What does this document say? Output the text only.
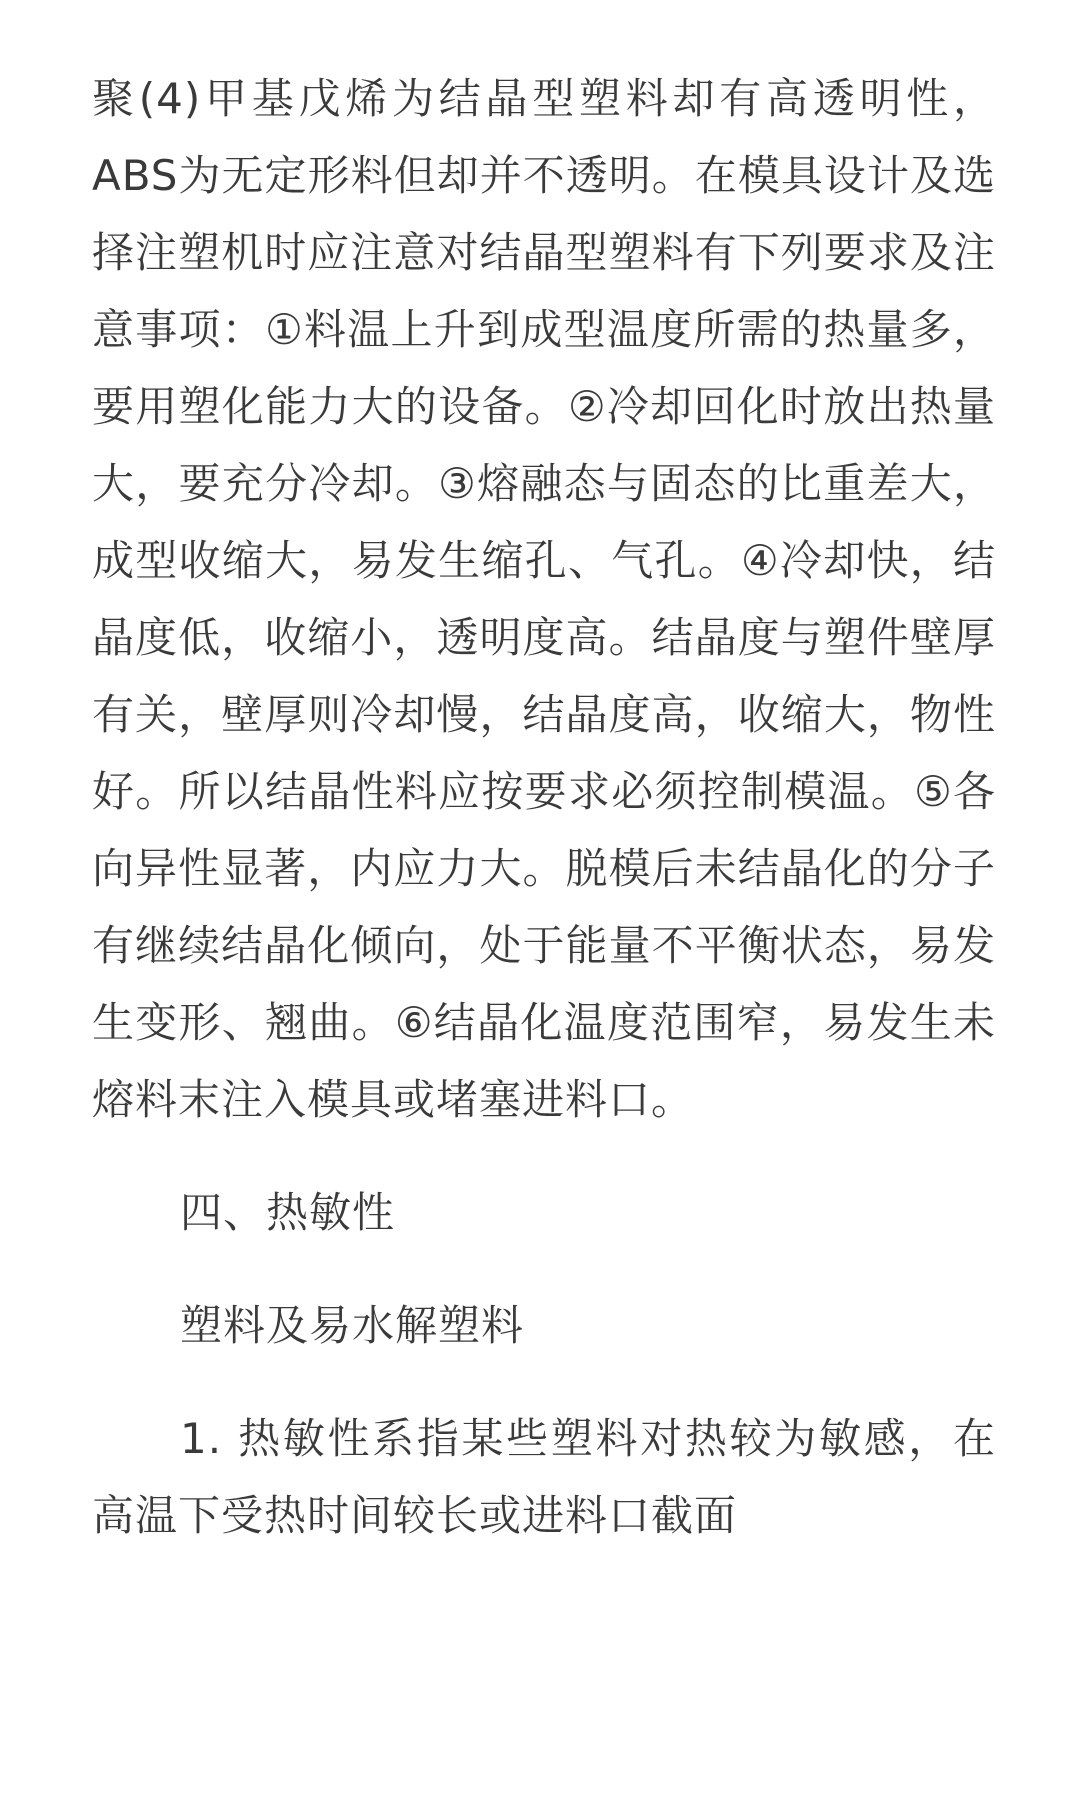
聚(4)甲基戊烯为结晶型塑料却有高透明性，ABS为无定形料但却并不透明。在模具设计及选择注塑机时应注意对结晶型塑料有下列要求及注意事项：①料温上升到成型温度所需的热量多，要用塑化能力大的设备。②冷却回化时放出热量大，要充分冷却。③熔融态与固态的比重差大，成型收缩大，易发生缩孔、气孔。④冷却快，结晶度低，收缩小，透明度高。结晶度与塑件壁厚有关，壁厚则冷却慢，结晶度高，收缩大，物性好。所以结晶性料应按要求必须控制模温。⑤各向异性显著，内应力大。脱模后未结晶化的分子有继续结晶化倾向，处于能量不平衡状态，易发生变形、翘曲。⑥结晶化温度范围窄，易发生未熔料末注入模具或堵塞进料口。

四、热敏性

塑料及易水解塑料

1. 热敏性系指某些塑料对热较为敏感，在高温下受热时间较长或进料口截面
